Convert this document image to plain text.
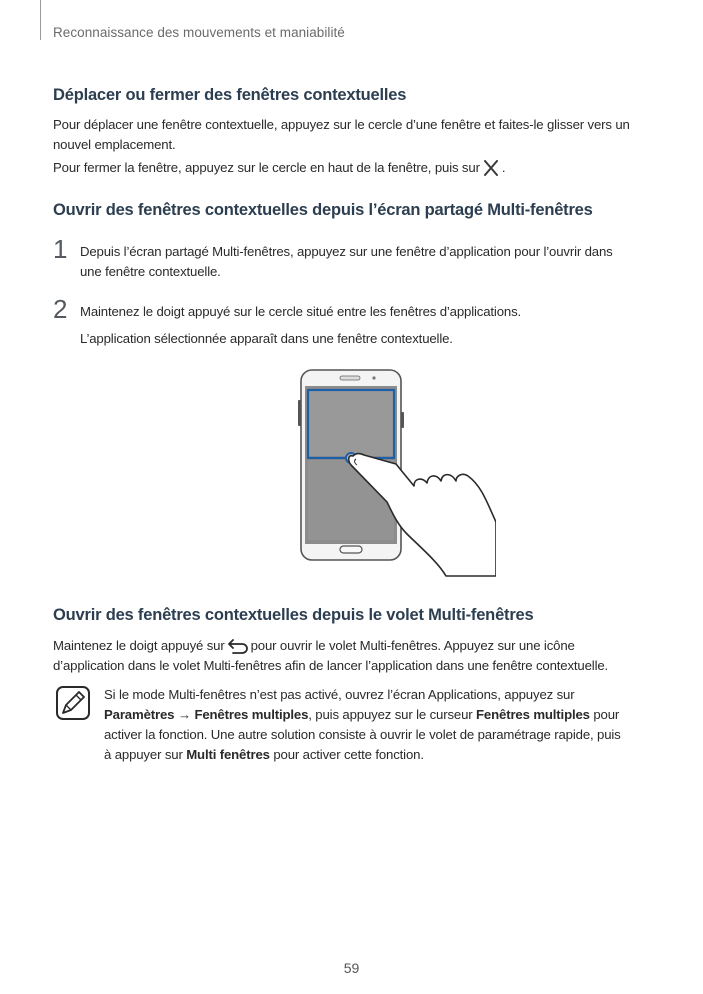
Reconnaissance des mouvements et maniabilité
Déplacer ou fermer des fenêtres contextuelles

Pour déplacer une fenêtre contextuelle, appuyez sur le cercle d’une fenêtre et faites-le glisser vers un

nouvel emplacement.

Pour fermer la fenêtre, appuyez sur le cercle en haut de la fenêtre, puis sur .

Ouvrir des fenêtres contextuelles depuis l’écran partagé Multi-fenêtres
1 Depuis l’écran partagé Multi-fenêtres, appuyez sur une fenêtre d’application pour l’ouvrir dans

une fenêtre contextuelle.

2 Maintenez le doigt appuyé sur le cercle situé entre les fenêtres d’applications.

L’application sélectionnée apparaît dans une fenêtre contextuelle.

Ouvrir des fenêtres contextuelles depuis le volet Multi-fenêtres

Maintenez le doigt appuyé sur pour ouvrir le volet Multi-fenêtres. Appuyez sur une icône

d’application dans le volet Multi-fenêtres afin de lancer l’application dans une fenêtre contextuelle.

Si le mode Multi-fenêtres n’est pas activé, ouvrez l’écran Applications, appuyez sur

Paramètres → Fenêtres multiples, puis appuyez sur le curseur Fenêtres multiples pour

activer la fonction. Une autre solution consiste à ouvrir le volet de paramétrage rapide, puis

à appuyer sur Multi fenêtres pour activer cette fonction.

59
